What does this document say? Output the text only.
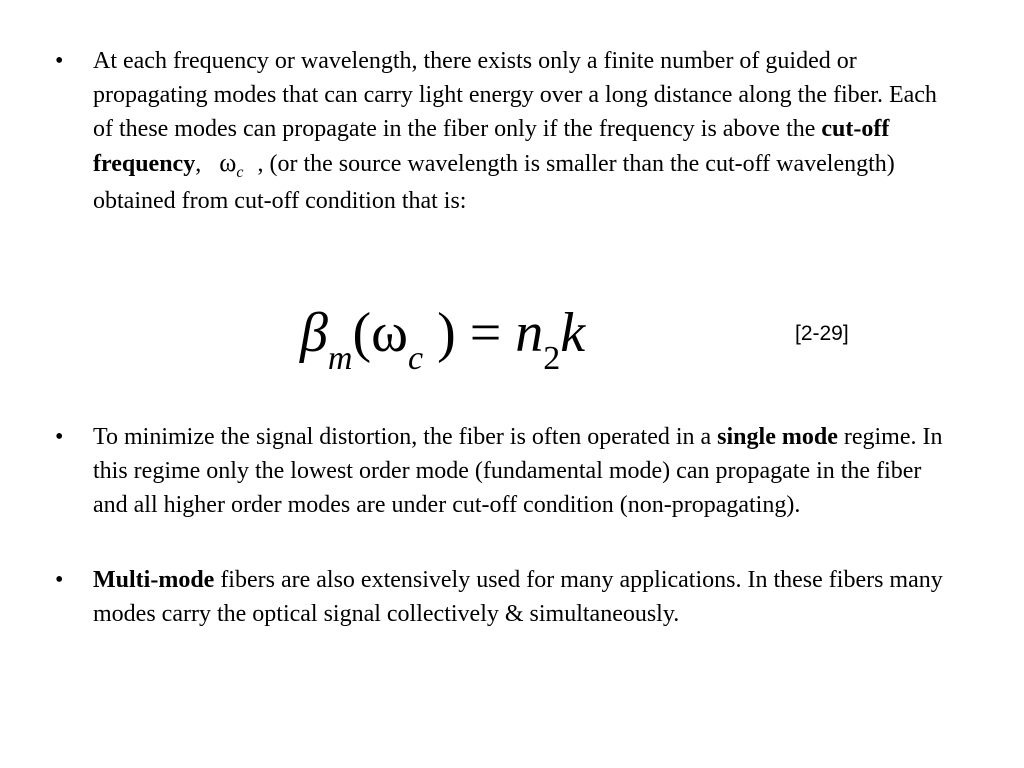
•	At each frequency or wavelength, there exists only a finite number of guided or propagating modes that can carry light energy over a long distance along the fiber. Each of these modes can propagate in the fiber only if the frequency is above the cut-off frequency, $\omega_c$ , (or the source wavelength is smaller than the cut-off wavelength) obtained from cut-off condition that is:
$\beta_m(\omega_c$ ) = $n_2k$	[2-29]
•	To minimize the signal distortion, the fiber is often operated in a single mode regime. In this regime only the lowest order mode (fundamental mode) can propagate in the fiber and all higher order modes are under cut-off condition (non-propagating).
•	Multi-mode fibers are also extensively used for many applications. In these fibers many modes carry the optical signal collectively & simultaneously.
